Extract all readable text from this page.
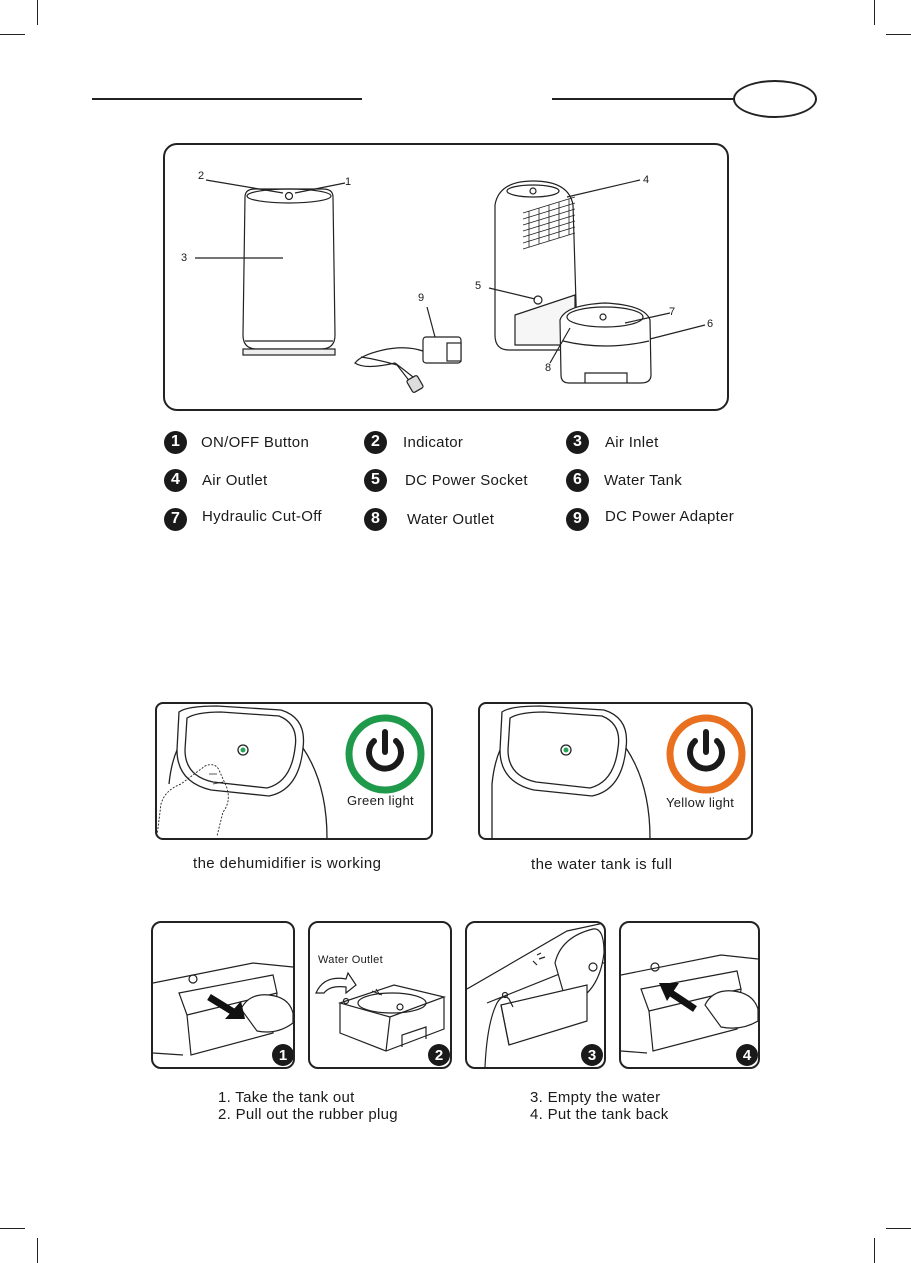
2	1
3
4
5
9
7
6
8
1	ON/OFF Button	2	Indicator	3	Air Inlet
4	Air Outlet	5	DC Power Socket	6	Water Tank
7	Hydraulic Cut-Off	8	Water Outlet	9	DC Power Adapter
Green light
the dehumidifier is working
Yellow light
the water tank is full
1
Water Outlet
2	3	4
1. Take the tank out
2. Pull out the rubber plug
3. Empty the water
4. Put the tank back
